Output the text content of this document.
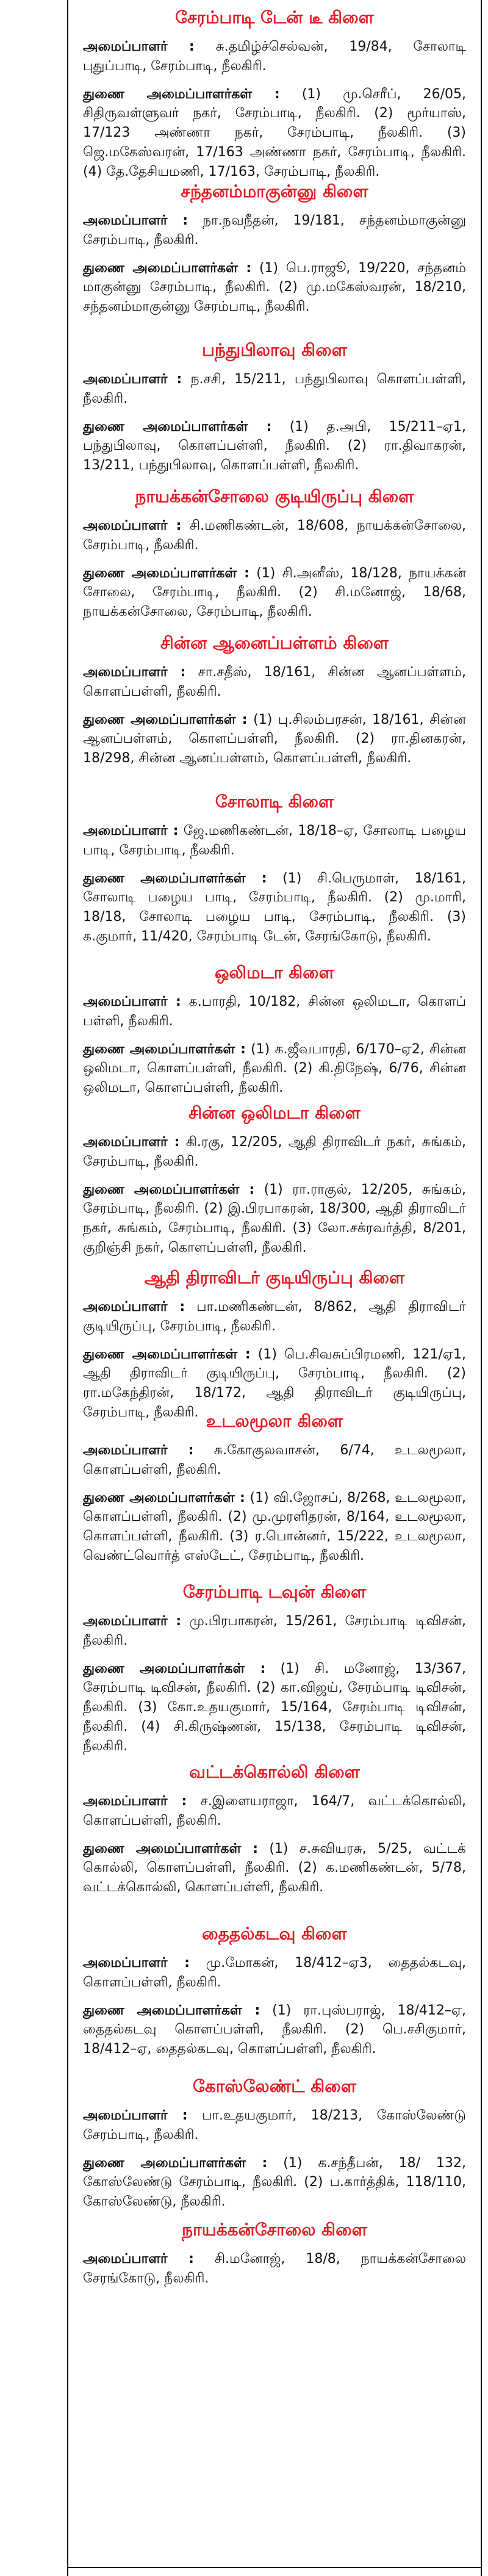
சேரம்பாடி டேன் டீ கிளை

அமைப்பாளர் : சு.தமிழ்ச்செல்வன், 19/84, சோலாடி புதுப்பாடி, சேரம்பாடி, நீலகிரி.

துணை அமைப்பாளர்கள் : (1) மு.செரீப், 26/05, சிதிருவள்ளுவர் நகர், சேரம்பாடி, நீலகிரி. (2) மூர்யாஸ், 17/123 அண்ணா நகர், சேரம்பாடி, நீலகிரி. (3) ஜெ.மகேஸ்வரன், 17/163 அண்ணா நகர், சேரம்பாடி, நீலகிரி. (4) தே.தேசியமணி, 17/163, சேரம்பாடி, நீலகிரி.

சந்தனம்மாகுன்னு கிளை

அமைப்பாளர் : நா.நவநீதன், 19/181, சந்தனம்மாகுன்னு சேரம்பாடி, நீலகிரி.

துணை அமைப்பாளர்கள் : (1) பெ.ராஜூ, 19/220, சந்தனம் மாகுன்னு சேரம்பாடி, நீலகிரி. (2) மு.மகேஸ்வரன், 18/210, சந்தனம்மாகுன்னு சேரம்பாடி, நீலகிரி.

பந்துபிலாவு கிளை

அமைப்பாளர் : ந.சசி, 15/211, பந்துபிலாவு கொளப்பள்ளி, நீலகிரி.

துணை அமைப்பாளர்கள் : (1) த.அபி, 15/211–ஏ1, பந்துபிலாவு, கொளப்பள்ளி, நீலகிரி. (2) ரா.திவாகரன், 13/211, பந்துபிலாவு, கொளப்பள்ளி, நீலகிரி.

நாயக்கன்சோலை குடியிருப்பு கிளை

அமைப்பாளர் : சி.மணிகண்டன், 18/608, நாயக்கன்சோலை, சேரம்பாடி, நீலகிரி.

துணை அமைப்பாளர்கள் : (1) சி.அனீஸ், 18/128, நாயக்கன் சோலை, சேரம்பாடி, நீலகிரி. (2) சி.மனோஜ், 18/68, நாயக்கன்சோலை, சேரம்பாடி, நீலகிரி.

சின்ன ஆனைப்பள்ளம் கிளை

அமைப்பாளர் : சா.சதீஸ், 18/161, சின்ன ஆனப்பள்ளம், கொளப்பள்ளி, நீலகிரி.

துணை அமைப்பாளர்கள் : (1) பு.சிலம்பரசன், 18/161, சின்ன ஆனப்பள்ளம், கொளப்பள்ளி, நீலகிரி. (2) ரா.தினகரன், 18/298, சின்ன ஆனப்பள்ளம், கொளப்பள்ளி, நீலகிரி.

சோலாடி கிளை

அமைப்பாளர் : ஜே.மணிகண்டன், 18/18–ஏ, சோலாடி பழைய பாடி, சேரம்பாடி, நீலகிரி.

துணை அமைப்பாளர்கள் : (1) சி.பெருமாள், 18/161, சோலாடி பழைய பாடி, சேரம்பாடி, நீலகிரி. (2) மு.மாரி, 18/18, சோலாடி பழைய பாடி, சேரம்பாடி, நீலகிரி. (3) க.குமார், 11/420, சேரம்பாடி டேன், சேரங்கோடு, நீலகிரி.

ஒலிமடா கிளை

அமைப்பாளர் : க.பாரதி, 10/182, சின்ன ஒலிமடா, கொளப் பள்ளி, நீலகிரி.

துணை அமைப்பாளர்கள் : (1) க.ஜீவபாரதி, 6/170–ஏ2, சின்ன ஒலிமடா, கொளப்பள்ளி, நீலகிரி. (2) கி.திநேஷ், 6/76, சின்ன ஒலிமடா, கொளப்பள்ளி, நீலகிரி.

சின்ன ஒலிமடா கிளை

அமைப்பாளர் : கி.ரகு, 12/205, ஆதி திராவிடர் நகர், சுங்கம், சேரம்பாடி, நீலகிரி.

துணை அமைப்பாளர்கள் : (1) ரா.ராகுல், 12/205, சுங்கம், சேரம்பாடி, நீலகிரி. (2) இ.பிரபாகரன், 18/300, ஆதி திராவிடர் நகர், சுங்கம், சேரம்பாடி, நீலகிரி. (3) லோ.சக்ரவர்த்தி, 8/201, குறிஞ்சி நகர், கொளப்பள்ளி, நீலகிரி.

ஆதி திராவிடர் குடியிருப்பு கிளை

அமைப்பாளர் : பா.மணிகண்டன், 8/862, ஆதி திராவிடர் குடியிருப்பு, சேரம்பாடி, நீலகிரி.

துணை அமைப்பாளர்கள் : (1) பெ.சிவசுப்பிரமணி, 121/ஏ1, ஆதி திராவிடர் குடியிருப்பு, சேரம்பாடி, நீலகிரி. (2) ரா.மகேந்திரன், 18/172, ஆதி திராவிடர் குடியிருப்பு, சேரம்பாடி, நீலகிரி. உடலமூலா கிளை

அமைப்பாளர் : சு.கோகுலவாசன், 6/74, உடலமூலா, கொளப்பள்ளி, நீலகிரி.

துணை அமைப்பாளர்கள் : (1) வி.ஜோசப், 8/268, உடலமூலா, கொளப்பள்ளி, நீலகிரி. (2) மு.முரளிதரன், 8/164, உடலமூலா, கொளப்பள்ளி, நீலகிரி. (3) ர.பொன்னர், 15/222, உடலமூலா, வெண்ட்வொர்த் எஸ்டேட், சேரம்பாடி, நீலகிரி.

சேரம்பாடி டவுன் கிளை

அமைப்பாளர் : மு.பிரபாகரன், 15/261, சேரம்பாடி டிவிசன், நீலகிரி.

துணை அமைப்பாளர்கள் : (1) சி. மனோஜ், 13/367, சேரம்பாடி டிவிசன், நீலகிரி. (2) கா.விஜய், சேரம்பாடி டிவிசன், நீலகிரி. (3) கோ.உதயகுமார், 15/164, சேரம்பாடி டிவிசன், நீலகிரி. (4) சி.கிருஷ்ணன், 15/138, சேரம்பாடி டிவிசன், நீலகிரி.

வட்டக்கொல்லி கிளை

அமைப்பாளர் : ச.இளையராஜா, 164/7, வட்டக்கொல்லி, கொளப்பள்ளி, நீலகிரி.

துணை அமைப்பாளர்கள் : (1) ச.சுவியரசு, 5/25, வட்டக் கொல்லி, கொளப்பள்ளி, நீலகிரி. (2) க.மணிகண்டன், 5/78, வட்டக்கொல்லி, கொளப்பள்ளி, நீலகிரி.

தைதல்கடவு கிளை

அமைப்பாளர் : மு.மோகன், 18/412–ஏ3, தைதல்கடவு, கொளப்பள்ளி, நீலகிரி.

துணை அமைப்பாளர்கள் : (1) ரா.புஸ்பராஜ், 18/412–ஏ, தைதல்கடவு கொளப்பள்ளி, நீலகிரி. (2) பெ.சசிகுமார், 18/412–ஏ, தைதல்கடவு, கொளப்பள்ளி, நீலகிரி.

கோஸ்லேண்ட் கிளை

அமைப்பாளர் : பா.உதயகுமார், 18/213, கோஸ்லேண்டு சேரம்பாடி, நீலகிரி.

துணை அமைப்பாளர்கள் : (1) க.சந்தீபன், 18/ 132, கோஸ்லேண்டு சேரம்பாடி, நீலகிரி. (2) ப.கார்த்திக், 118/110, கோஸ்லேண்டு, நீலகிரி.

நாயக்கன்சோலை கிளை

அமைப்பாளர் : சி.மனோஜ், 18/8, நாயக்கன்சோலை சேரங்கோடு, நீலகிரி.
